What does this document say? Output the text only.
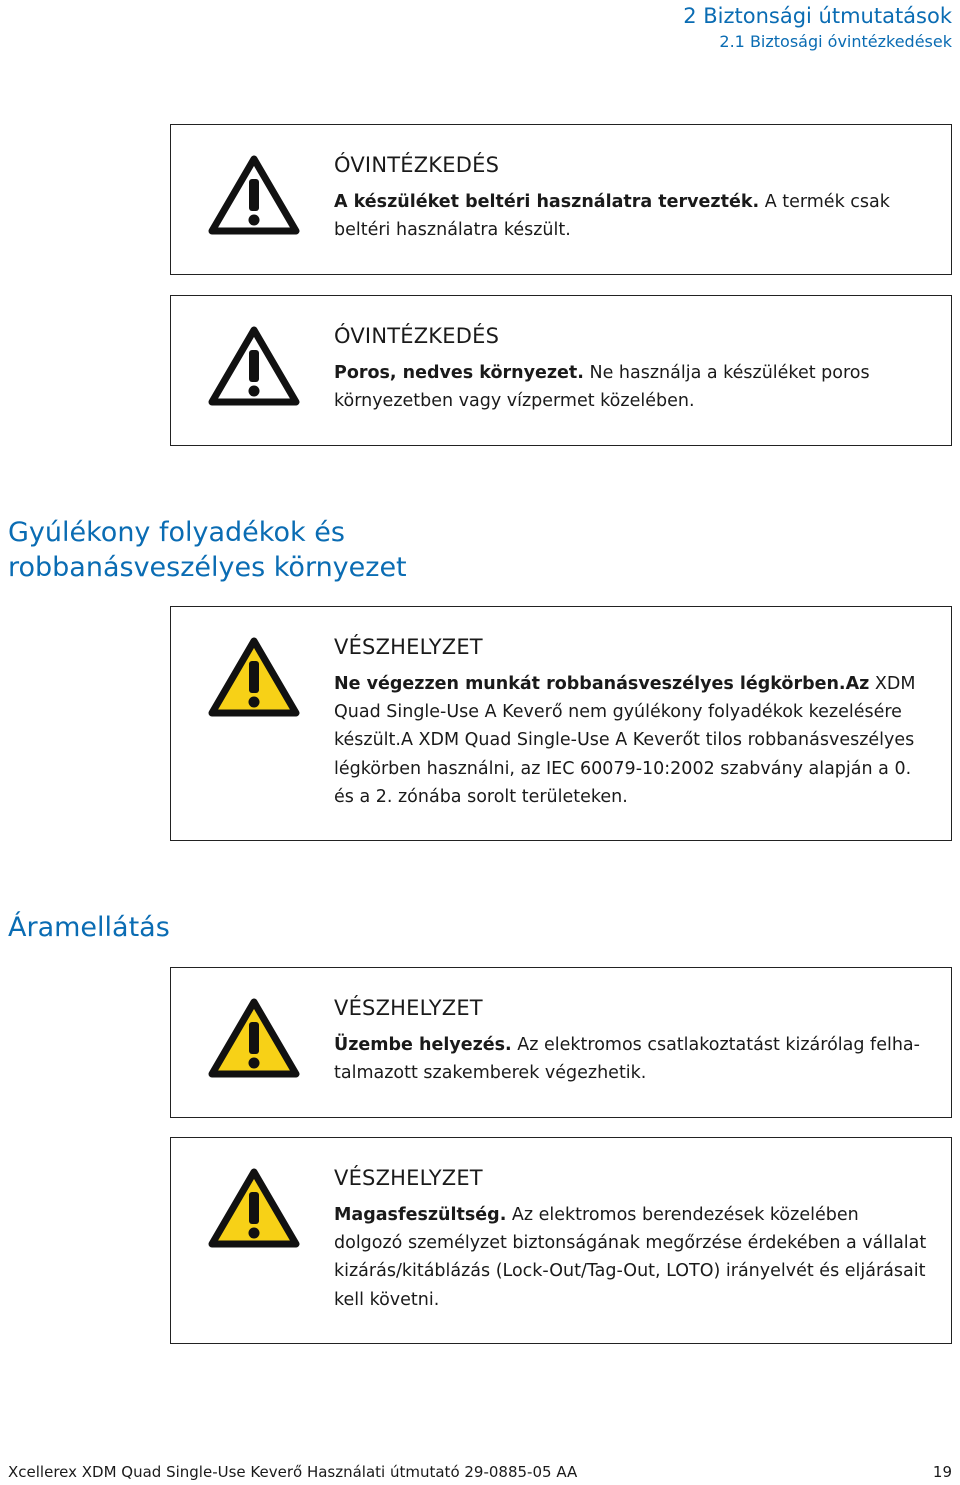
2 Biztonsági útmutatások
2.1 Biztosági óvintézkedések
ÓVINTÉZKEDÉS
A készüléket beltéri használatra tervezték. A termék csak beltéri használatra készült.
ÓVINTÉZKEDÉS
Poros, nedves környezet. Ne használja a készüléket poros környezetben vagy vízpermet közelében.
Gyúlékony folyadékok és robbanásveszélyes környezet
VÉSZHELYZET
Ne végezzen munkát robbanásveszélyes légkörben.Az XDM Quad Single-Use A Keverő nem gyúlékony folyadékok kezelésére készült.A XDM Quad Single-Use A Keverőt tilos robbanásveszélyes légkörben használni, az IEC 60079-10:2002 szabvány alapján a 0. és a 2. zónába sorolt területeken.
Áramellátás
VÉSZHELYZET
Üzembe helyezés. Az elektromos csatlakoztatást kizárólag felhatalmazott szakemberek végezhetik.
VÉSZHELYZET
Magasfeszültség. Az elektromos berendezések közelében dolgozó személyzet biztonságának megőrzése érdekében a vállalat kizárás/kitáblázás (Lock-Out/Tag-Out, LOTO) irányelvét és eljárásait kell követni.
Xcellerex XDM Quad Single-Use Keverő Használati útmutató 29-0885-05 AA	19
